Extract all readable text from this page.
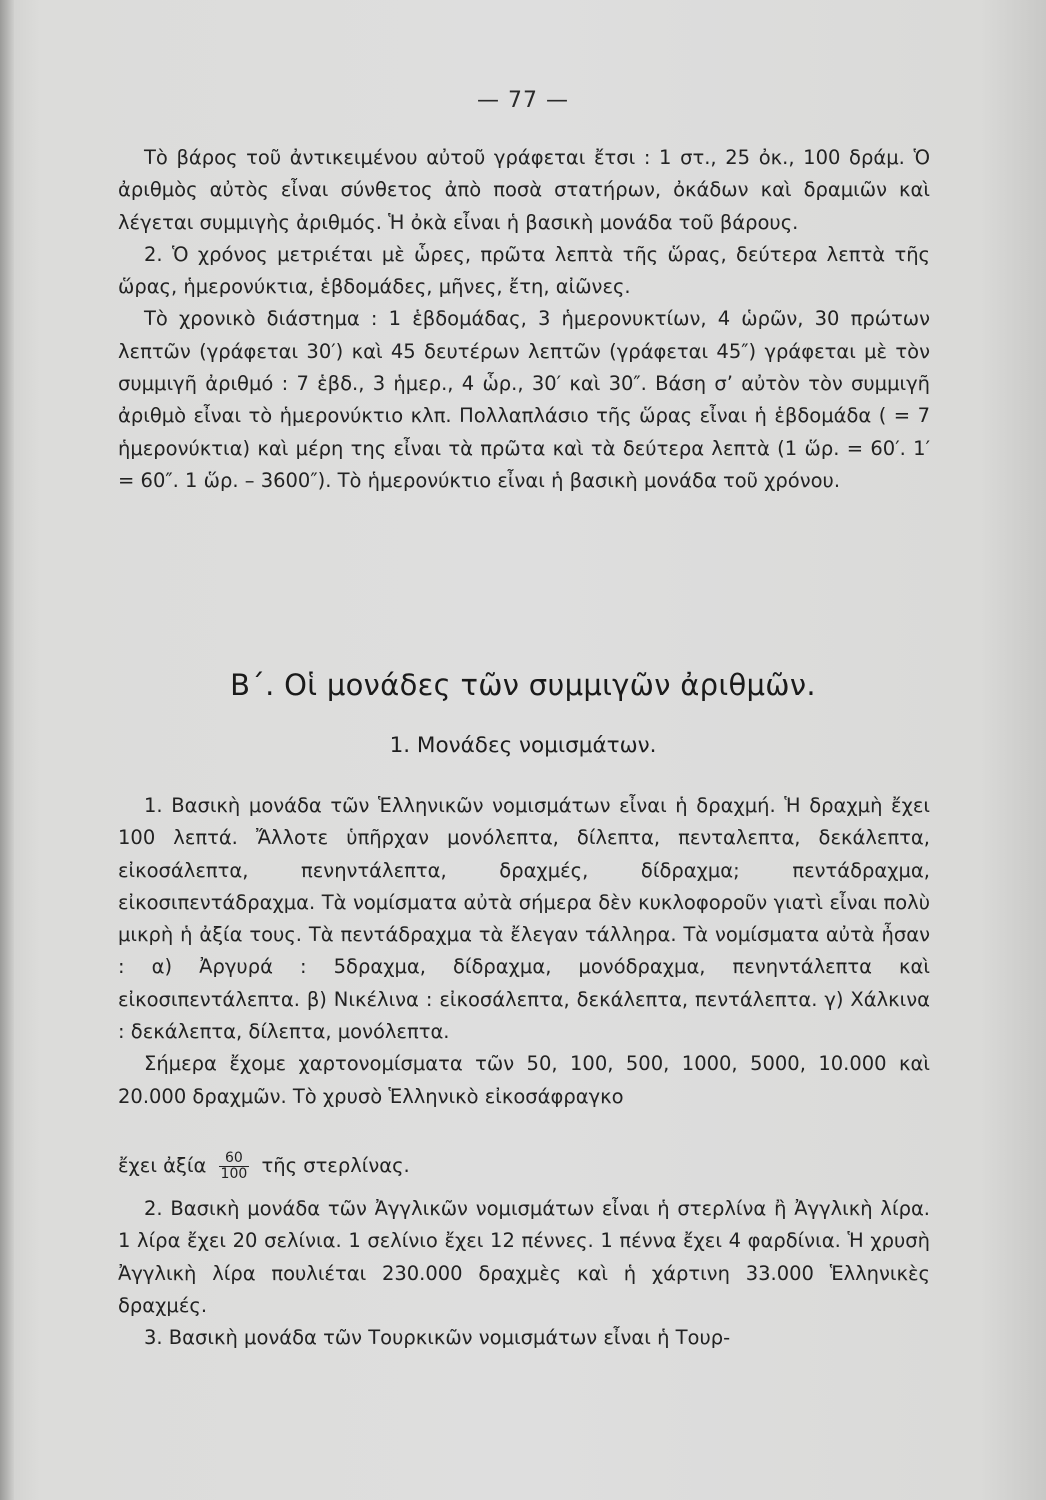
— 77 —

Τὸ βάρος τοῦ ἀντικειμένου αὐτοῦ γράφεται ἔτσι : 1 στ., 25 ὀκ., 100 δράμ. Ὁ ἀριθμὸς αὐτὸς εἶναι σύνθετος ἀπὸ ποσὰ στατήρων, ὀκάδων καὶ δραμιῶν καὶ λέγεται συμμιγὴς ἀριθμός. Ἡ ὀκὰ εἶναι ἡ βασικὴ μονάδα τοῦ βάρους.

2. Ὁ χρόνος μετριέται μὲ ὧρες, πρῶτα λεπτὰ τῆς ὥρας, δεύτερα λεπτὰ τῆς ὥρας, ἡμερονύκτια, ἑβδομάδες, μῆνες, ἔτη, αἰῶνες.

Τὸ χρονικὸ διάστημα : 1 ἑβδομάδας, 3 ἡμερονυκτίων, 4 ὡρῶν, 30 πρώτων λεπτῶν (γράφεται 30′) καὶ 45 δευτέρων λεπτῶν (γράφεται 45″) γράφεται μὲ τὸν συμμιγῆ ἀριθμό : 7 ἑβδ., 3 ἡμερ., 4 ὧρ., 30′ καὶ 30″. Βάση σ’ αὐτὸν τὸν συμμιγῆ ἀριθμὸ εἶναι τὸ ἡμερονύκτιο κλπ. Πολλαπλάσιο τῆς ὥρας εἶναι ἡ ἑβδομάδα ( = 7 ἡμερονύκτια) καὶ μέρη της εἶναι τὰ πρῶτα καὶ τὰ δεύτερα λεπτὰ (1 ὥρ. = 60′. 1′ = 60″. 1 ὥρ. – 3600″). Τὸ ἡμερονύκτιο εἶναι ἡ βασικὴ μονάδα τοῦ χρόνου.

Β΄. Οἱ μονάδες τῶν συμμιγῶν ἀριθμῶν.
1. Μονάδες νομισμάτων.

1. Βασικὴ μονάδα τῶν Ἑλληνικῶν νομισμάτων εἶναι ἡ δραχμή. Ἡ δραχμὴ ἔχει 100 λεπτά. Ἄλλοτε ὑπῆρχαν μονόλεπτα, δίλεπτα, πενταλεπτα, δεκάλεπτα, εἰκοσάλεπτα, πενηντάλεπτα, δραχμές, δίδραχμα; πεντάδραχμα, εἰκοσιπεντάδραχμα. Τὰ νομίσματα αὐτὰ σήμερα δὲν κυκλοφοροῦν γιατὶ εἶναι πολὺ μικρὴ ἡ ἀξία τους. Τὰ πεντάδραχμα τὰ ἔλεγαν τάλληρα. Τὰ νομίσματα αὐτὰ ἦσαν : α) Ἀργυρά : 5δραχμα, δίδραχμα, μονόδραχμα, πενηντάλεπτα καὶ εἰκοσιπεντάλεπτα. β) Νικέλινα : εἰκοσάλεπτα, δεκάλεπτα, πεντάλεπτα. γ) Χάλκινα : δεκάλεπτα, δίλεπτα, μονόλεπτα.

Σήμερα ἔχομε χαρτονομίσματα τῶν 50, 100, 500, 1000, 5000, 10.000 καὶ 20.000 δραχμῶν. Τὸ χρυσὸ Ἑλληνικὸ εἰκοσάφραγκο

ἔχει ἀξία $\frac{60}{100}$ τῆς στερλίνας.

2. Βασικὴ μονάδα τῶν Ἀγγλικῶν νομισμάτων εἶναι ἡ στερλίνα ἢ Ἀγγλικὴ λίρα. 1 λίρα ἔχει 20 σελίνια. 1 σελίνιο ἔχει 12 πέννες. 1 πέννα ἔχει 4 φαρδίνια. Ἡ χρυσὴ Ἀγγλικὴ λίρα πουλιέται 230.000 δραχμὲς καὶ ἡ χάρτινη 33.000 Ἑλληνικὲς δραχμές.

3. Βασικὴ μονάδα τῶν Τουρκικῶν νομισμάτων εἶναι ἡ Τουρ-
